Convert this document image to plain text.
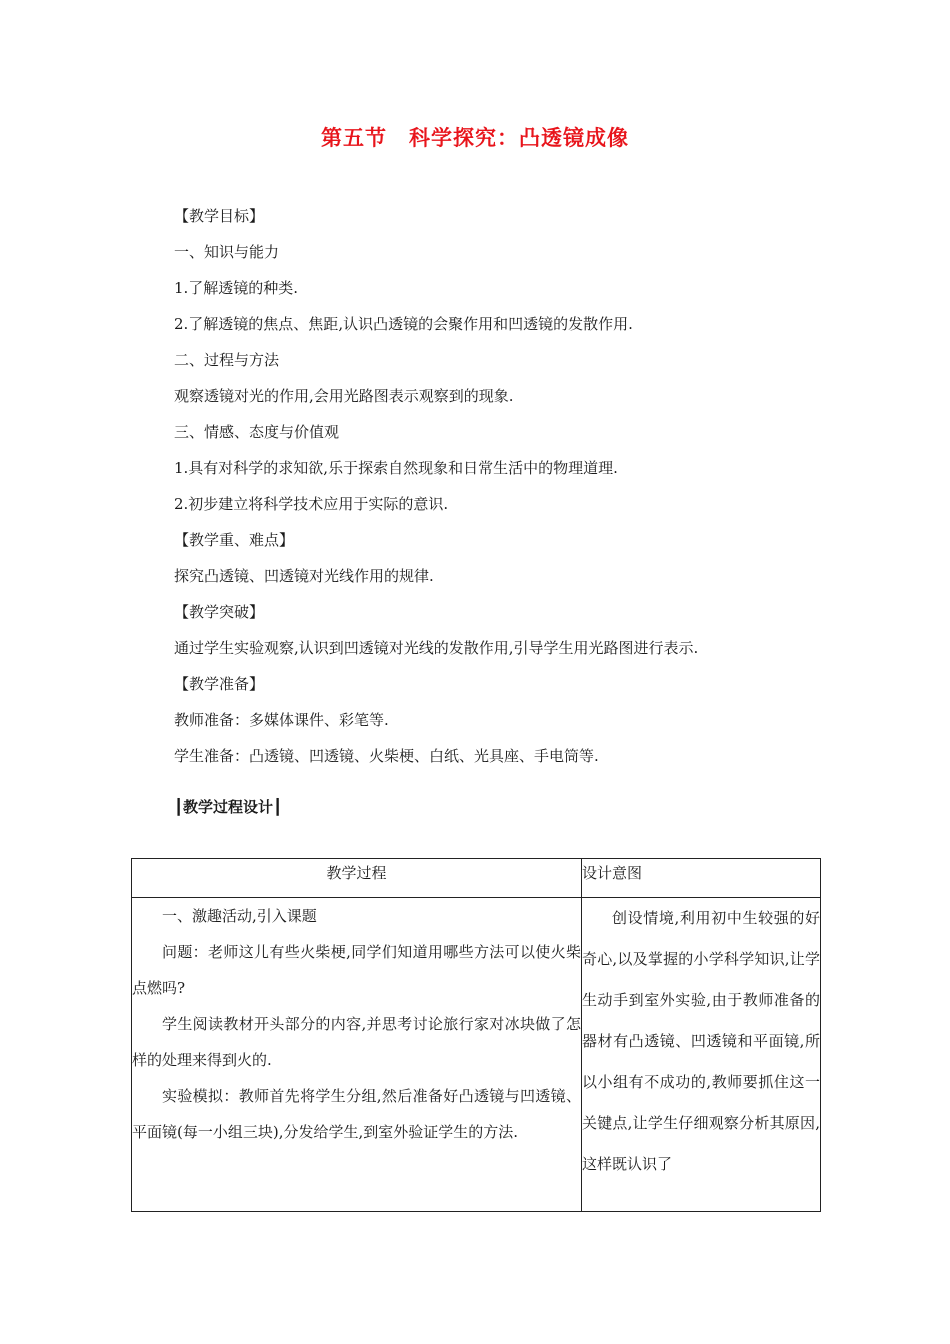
第五节　科学探究：凸透镜成像
【教学目标】
一、知识与能力
1.了解透镜的种类.
2.了解透镜的焦点、焦距,认识凸透镜的会聚作用和凹透镜的发散作用.
二、过程与方法
观察透镜对光的作用,会用光路图表示观察到的现象.
三、情感、态度与价值观
1.具有对科学的求知欲,乐于探索自然现象和日常生活中的物理道理.
2.初步建立将科学技术应用于实际的意识.
【教学重、难点】
探究凸透镜、凹透镜对光线作用的规律.
【教学突破】
通过学生实验观察,认识到凹透镜对光线的发散作用,引导学生用光路图进行表示.
【教学准备】
教师准备：多媒体课件、彩笔等.
学生准备：凸透镜、凹透镜、火柴梗、白纸、光具座、手电筒等.
┃教学过程设计┃
教学过程	设计意图

一、激趣活动,引入课题

问题：老师这儿有些火柴梗,同学们知道用哪些方法可以使火柴点燃吗?

学生阅读教材开头部分的内容,并思考讨论旅行家对冰块做了怎样的处理来得到火的.

实验模拟：教师首先将学生分组,然后准备好凸透镜与凹透镜、平面镜(每一小组三块),分发给学生,到室外验证学生的方法.	创设情境,利用初中生较强的好奇心,以及掌握的小学科学知识,让学生动手到室外实验,由于教师准备的器材有凸透镜、凹透镜和平面镜,所以小组有不成功的,教师要抓住这一关键点,让学生仔细观察分析其原因,这样既认识了
